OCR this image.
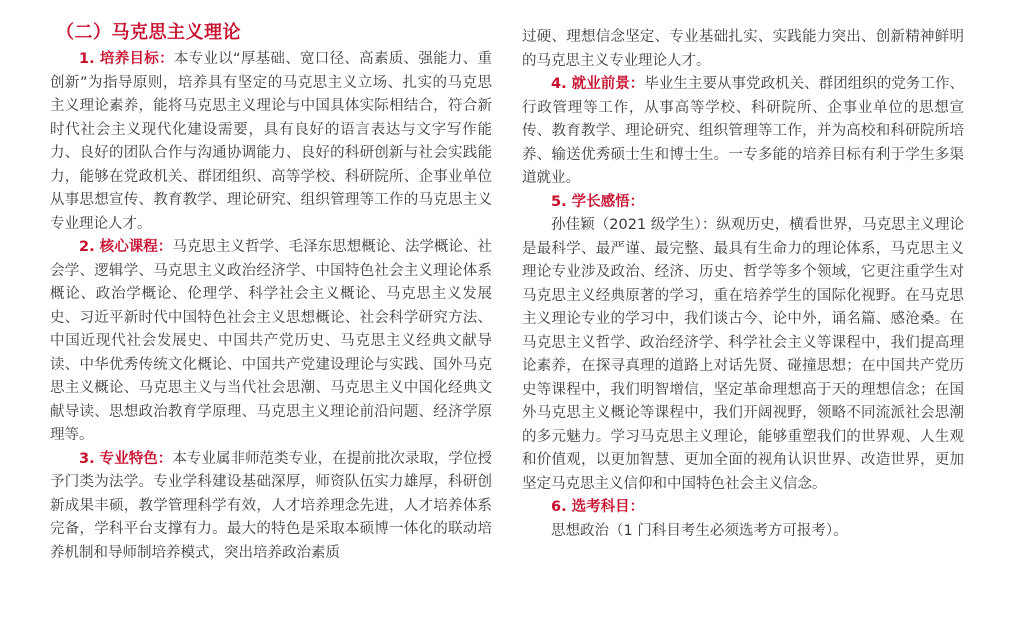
（二）马克思主义理论

1. 培养目标：本专业以“厚基础、宽口径、高素质、强能力、重创新”为指导原则，培养具有坚定的马克思主义立场、扎实的马克思主义理论素养，能将马克思主义理论与中国具体实际相结合，符合新时代社会主义现代化建设需要，具有良好的语言表达与文字写作能力、良好的团队合作与沟通协调能力、良好的科研创新与社会实践能力，能够在党政机关、群团组织、高等学校、科研院所、企事业单位从事思想宣传、教育教学、理论研究、组织管理等工作的马克思主义专业理论人才。

2. 核心课程：马克思主义哲学、毛泽东思想概论、法学概论、社会学、逻辑学、马克思主义政治经济学、中国特色社会主义理论体系概论、政治学概论、伦理学、科学社会主义概论、马克思主义发展史、习近平新时代中国特色社会主义思想概论、社会科学研究方法、中国近现代社会发展史、中国共产党历史、马克思主义经典文献导读、中华优秀传统文化概论、中国共产党建设理论与实践、国外马克思主义概论、马克思主义与当代社会思潮、马克思主义中国化经典文献导读、思想政治教育学原理、马克思主义理论前沿问题、经济学原理等。

3. 专业特色：本专业属非师范类专业，在提前批次录取，学位授予门类为法学。专业学科建设基础深厚，师资队伍实力雄厚，科研创新成果丰硕，教学管理科学有效，人才培养理念先进，人才培养体系完备，学科平台支撑有力。最大的特色是采取本硕博一体化的联动培养机制和导师制培养模式，突出培养政治素质

过硬、理想信念坚定、专业基础扎实、实践能力突出、创新精神鲜明的马克思主义专业理论人才。

4. 就业前景：毕业生主要从事党政机关、群团组织的党务工作、行政管理等工作，从事高等学校、科研院所、企事业单位的思想宣传、教育教学、理论研究、组织管理等工作，并为高校和科研院所培养、输送优秀硕士生和博士生。一专多能的培养目标有利于学生多渠道就业。

5. 学长感悟：

孙佳颖（2021 级学生）：纵观历史，横看世界，马克思主义理论是最科学、最严谨、最完整、最具有生命力的理论体系，马克思主义理论专业涉及政治、经济、历史、哲学等多个领域，它更注重学生对马克思主义经典原著的学习，重在培养学生的国际化视野。在马克思主义理论专业的学习中，我们谈古今、论中外，诵名篇、感沧桑。在马克思主义哲学、政治经济学、科学社会主义等课程中，我们提高理论素养，在探寻真理的道路上对话先贤、碰撞思想；在中国共产党历史等课程中，我们明智增信，坚定革命理想高于天的理想信念；在国外马克思主义概论等课程中，我们开阔视野，领略不同流派社会思潮的多元魅力。学习马克思主义理论，能够重塑我们的世界观、人生观和价值观，以更加智慧、更加全面的视角认识世界、改造世界，更加坚定马克思主义信仰和中国特色社会主义信念。

6. 选考科目：

思想政治（1 门科目考生必须选考方可报考）。
